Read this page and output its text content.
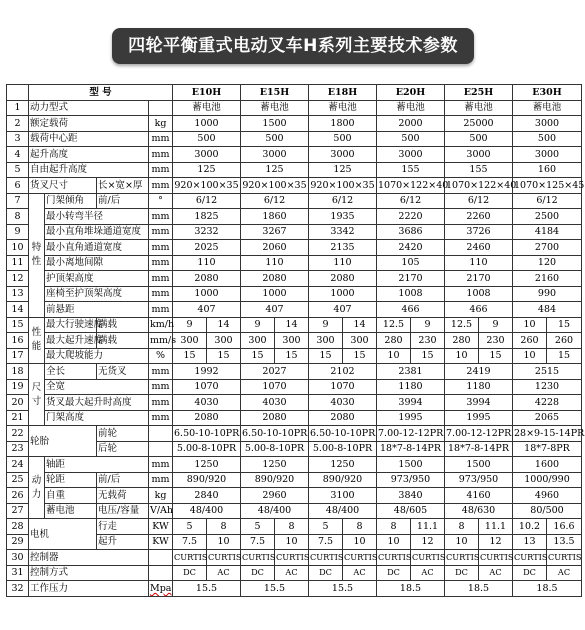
四轮平衡重式电动叉车H系列主要技术参数
	型 号				E10H		E15H		E18H		E20H		E25H		E30H	
1	动力型式				蓄电池		蓄电池		蓄电池		蓄电池		蓄电池		蓄电池	
2	额定载荷			kg	1000		1500		1800		2000		25000		3000	
3	载荷中心距			mm	500		500		500		500		500		500	
4	起升高度			mm	3000		3000		3000		3000		3000		3000	
5	自由起升高度			mm	125		125		125		155		155		160	
6	货叉尺寸		长×宽×厚	mm	920×100×35		920×100×35		920×100×35		1070×122×40		1070×122×40		1070×125×45	
7	特性	门架倾角	前/后	°	6/12		6/12		6/12		6/12		6/12		6/12	
8		最小转弯半径		mm	1825		1860		1935		2220		2260		2500	
9		最小直角堆垛通道宽度		mm	3232		3267		3342		3686		3726		4184	
10		最小直角通道宽度		mm	2025		2060		2135		2420		2460		2700	
11		最小离地间隙		mm	110		110		110		105		110		120	
12		护顶架高度		mm	2080		2080		2080		2170		2170		2160	
13		座椅至护顶架高度		mm	1000		1000		1000		1008		1008		990	
14		前悬距		mm	407		407		407		466		466		484	
15	性能	最大行驶速度	满载	km/h	9	14	9	14	9	14	12.5	9	12.5	9	10	15
16		最大起升速度	满载	mm/s	300	300	300	300	300	300	280	230	280	230	260	260
17		最大爬坡能力		%	15	15	15	15	15	15	10	15	10	15	10	15
18	尺寸	全长	无货叉	mm	1992		2027		2102		2381		2419		2515	
19		全宽		mm	1070		1070		1070		1180		1180		1230	
20		货叉最大起升时高度		mm	4030		4030		4030		3994		3994		4228	
21		门架高度		mm	2080		2080		2080		1995		1995		2065	
22	轮胎		前轮		6.50-10-10PR		6.50-10-10PR		6.50-10-10PR		7.00-12-12PR		7.00-12-12PR		28×9-15-14PR	
23			后轮		5.00-8-10PR		5.00-8-10PR		5.00-8-10PR		18*7-8-14PR		18*7-8-14PR		18*7-8PR	
24	动力	轴距		mm	1250		1250		1250		1500		1500		1600	
25		轮距	前/后	mm	890/920		890/920		890/920		973/950		973/950		1000/990	
26		自重	无载荷	kg	2840		2960		3100		3840		4160		4960	
27		蓄电池	电压/容量	V/Ah	48/400		48/400		48/400		48/605		48/630		80/500	
28	电机		行走	KW	5	8	5	8	5	8	8	11.1	8	11.1	10.2	16.6
29			起升	KW	7.5	10	7.5	10	7.5	10	10	12	10	12	13	13.5
30	控制器				CURTIS	CURTIS	CURTIS	CURTIS	CURTIS	CURTIS	CURTIS	CURTIS	CURTIS	CURTIS	CURTIS	CURTIS
31	控制方式				DC	AC	DC	AC	DC	AC	DC	AC	DC	AC	DC	AC
32	工作压力			Mpa	15.5		15.5		15.5		18.5		18.5		18.5	
